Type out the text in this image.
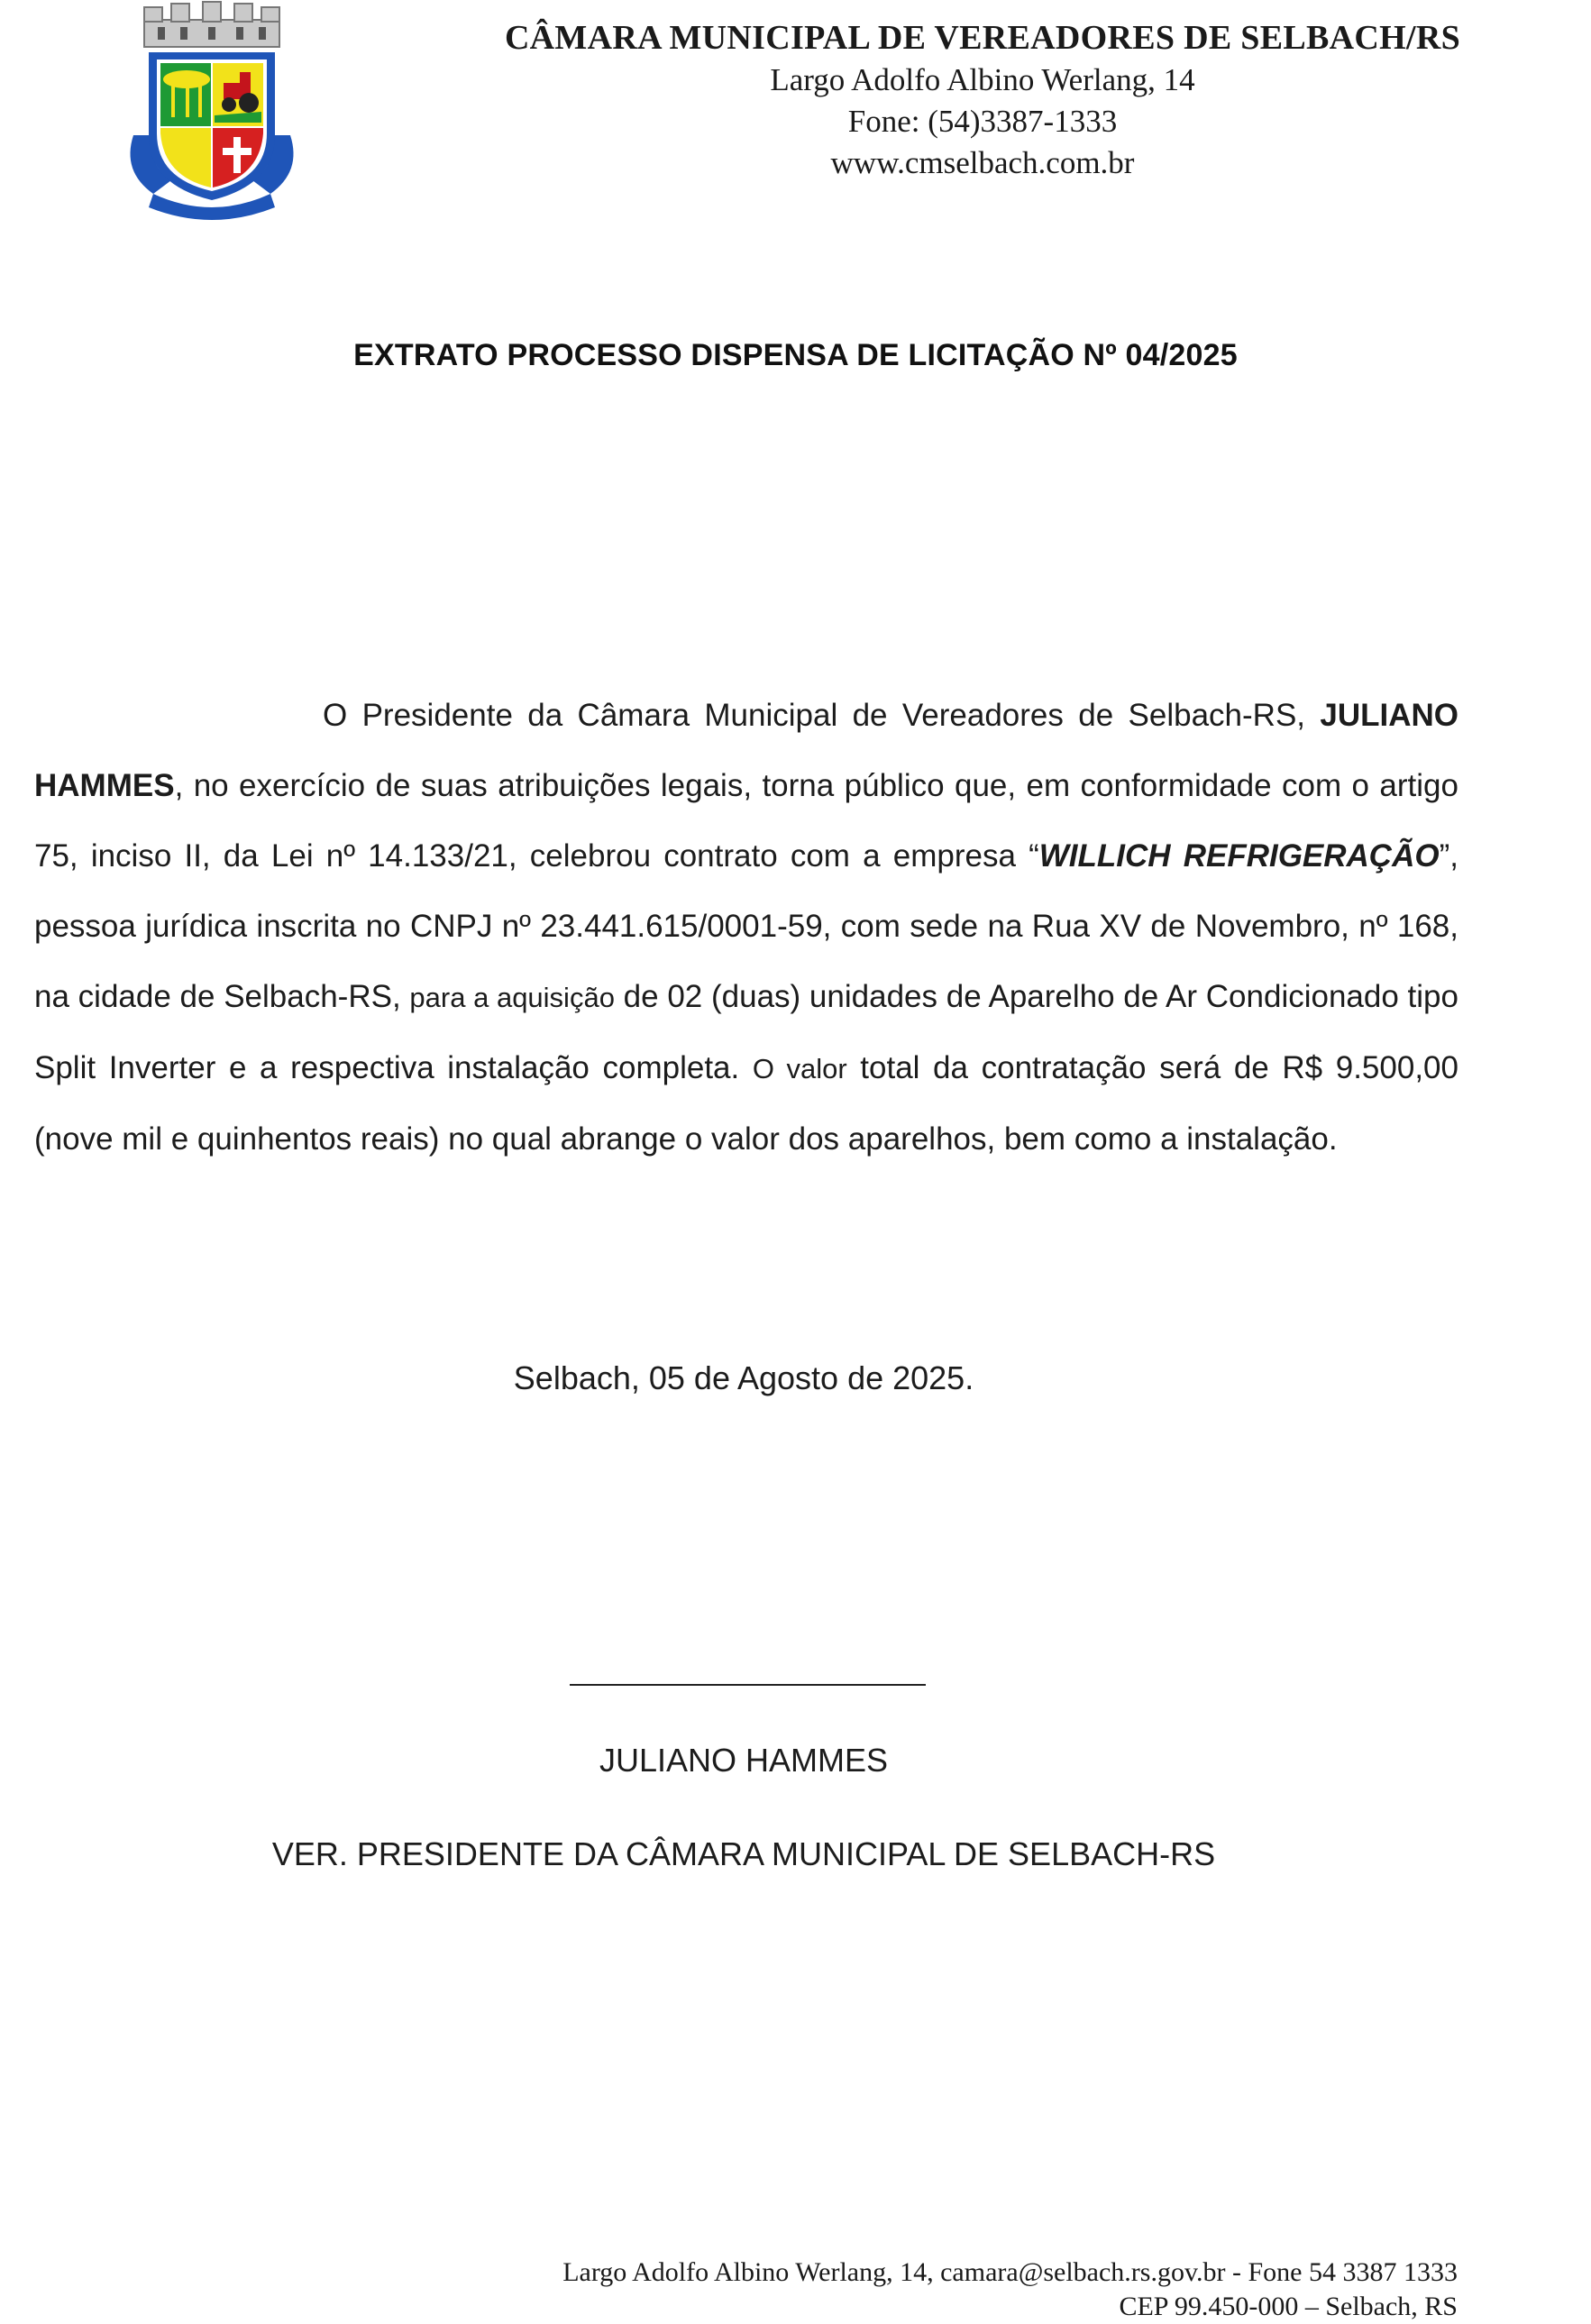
CÂMARA MUNICIPAL DE VEREADORES DE SELBACH/RS
Largo Adolfo Albino Werlang, 14
Fone: (54)3387-1333
www.cmselbach.com.br
EXTRATO PROCESSO DISPENSA DE LICITAÇÃO Nº 04/2025
O Presidente da Câmara Municipal de Vereadores de Selbach-RS, JULIANO HAMMES, no exercício de suas atribuições legais, torna público que, em conformidade com o artigo 75, inciso II, da Lei nº 14.133/21, celebrou contrato com a empresa “WILLICH REFRIGERAÇÃO”, pessoa jurídica inscrita no CNPJ nº 23.441.615/0001-59, com sede na Rua XV de Novembro, nº 168, na cidade de Selbach-RS, para a aquisição de 02 (duas) unidades de Aparelho de Ar Condicionado tipo Split Inverter e a respectiva instalação completa. O valor total da contratação será de R$ 9.500,00 (nove mil e quinhentos reais) no qual abrange o valor dos aparelhos, bem como a instalação.
Selbach, 05 de Agosto de 2025.
JULIANO HAMMES
VER. PRESIDENTE DA CÂMARA MUNICIPAL DE SELBACH-RS
Largo Adolfo Albino Werlang, 14, camara@selbach.rs.gov.br - Fone 54 3387 1333
CEP 99.450-000 – Selbach, RS
